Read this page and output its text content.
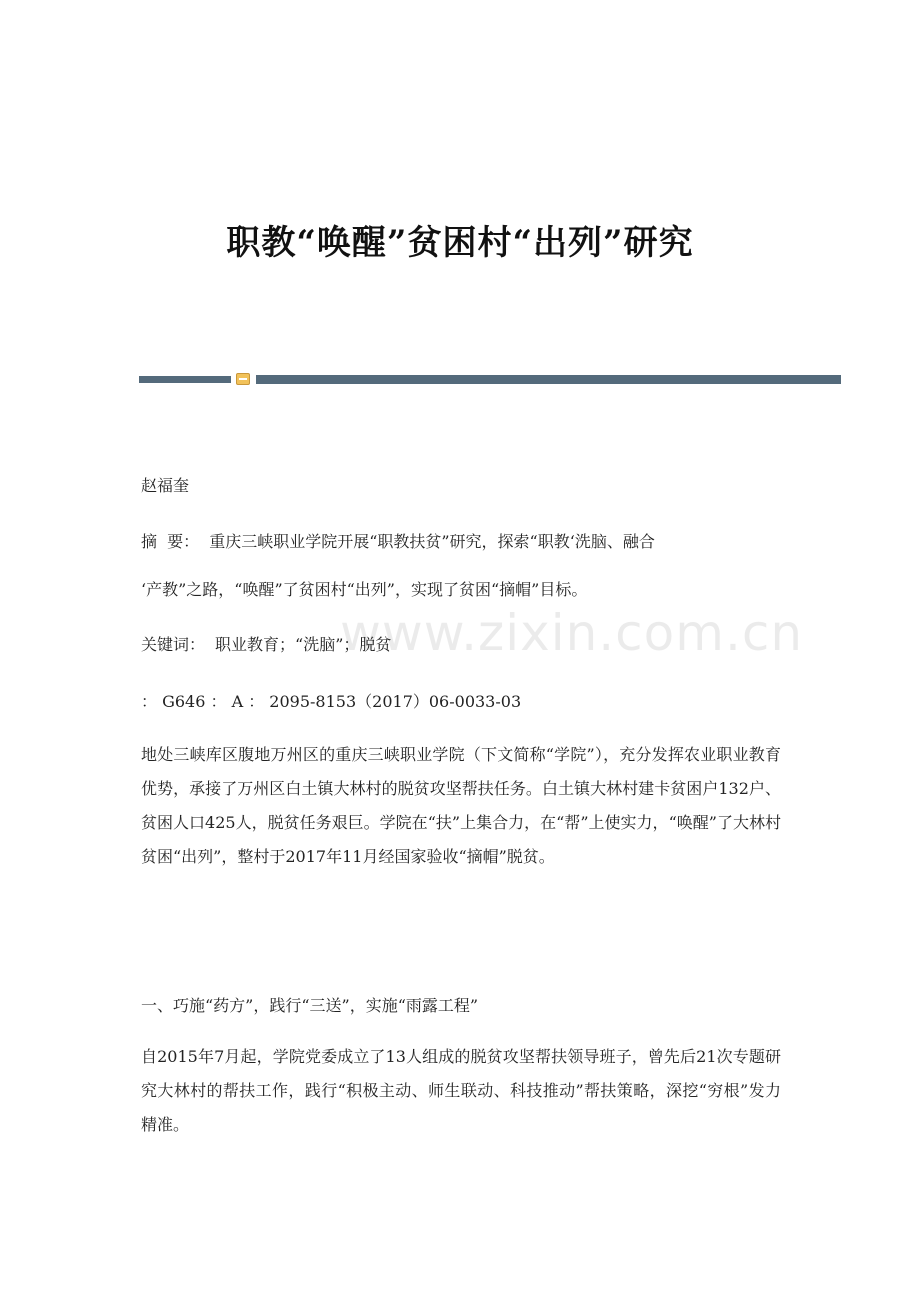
职教“唤醒”贫困村“出列”研究
赵福奎
摘  要： 重庆三峡职业学院开展“职教扶贫”研究，探索“职教‘洗脑、融合
‘产教”之路，“唤醒”了贫困村“出列”，实现了贫困“摘帽”目标。
关键词： 职业教育；“洗脑”；脱贫
： G646 ： A ： 2095-8153（2017）06-0033-03
www.zixin.com.cn
地处三峡库区腹地万州区的重庆三峡职业学院（下文简称“学院”），充分发挥农业职业教育优势，承接了万州区白土镇大林村的脱贫攻坚帮扶任务。白土镇大林村建卡贫困户132户、贫困人口425人，脱贫任务艰巨。学院在“扶”上集合力，在“帮”上使实力，“唤醒”了大林村贫困“出列”，整村于2017年11月经国家验收“摘帽”脱贫。
一、巧施“药方”，践行“三送”，实施“雨露工程”
自2015年7月起，学院党委成立了13人组成的脱贫攻坚帮扶领导班子，曾先后21次专题研究大林村的帮扶工作，践行“积极主动、师生联动、科技推动”帮扶策略，深挖“穷根”发力精准。
